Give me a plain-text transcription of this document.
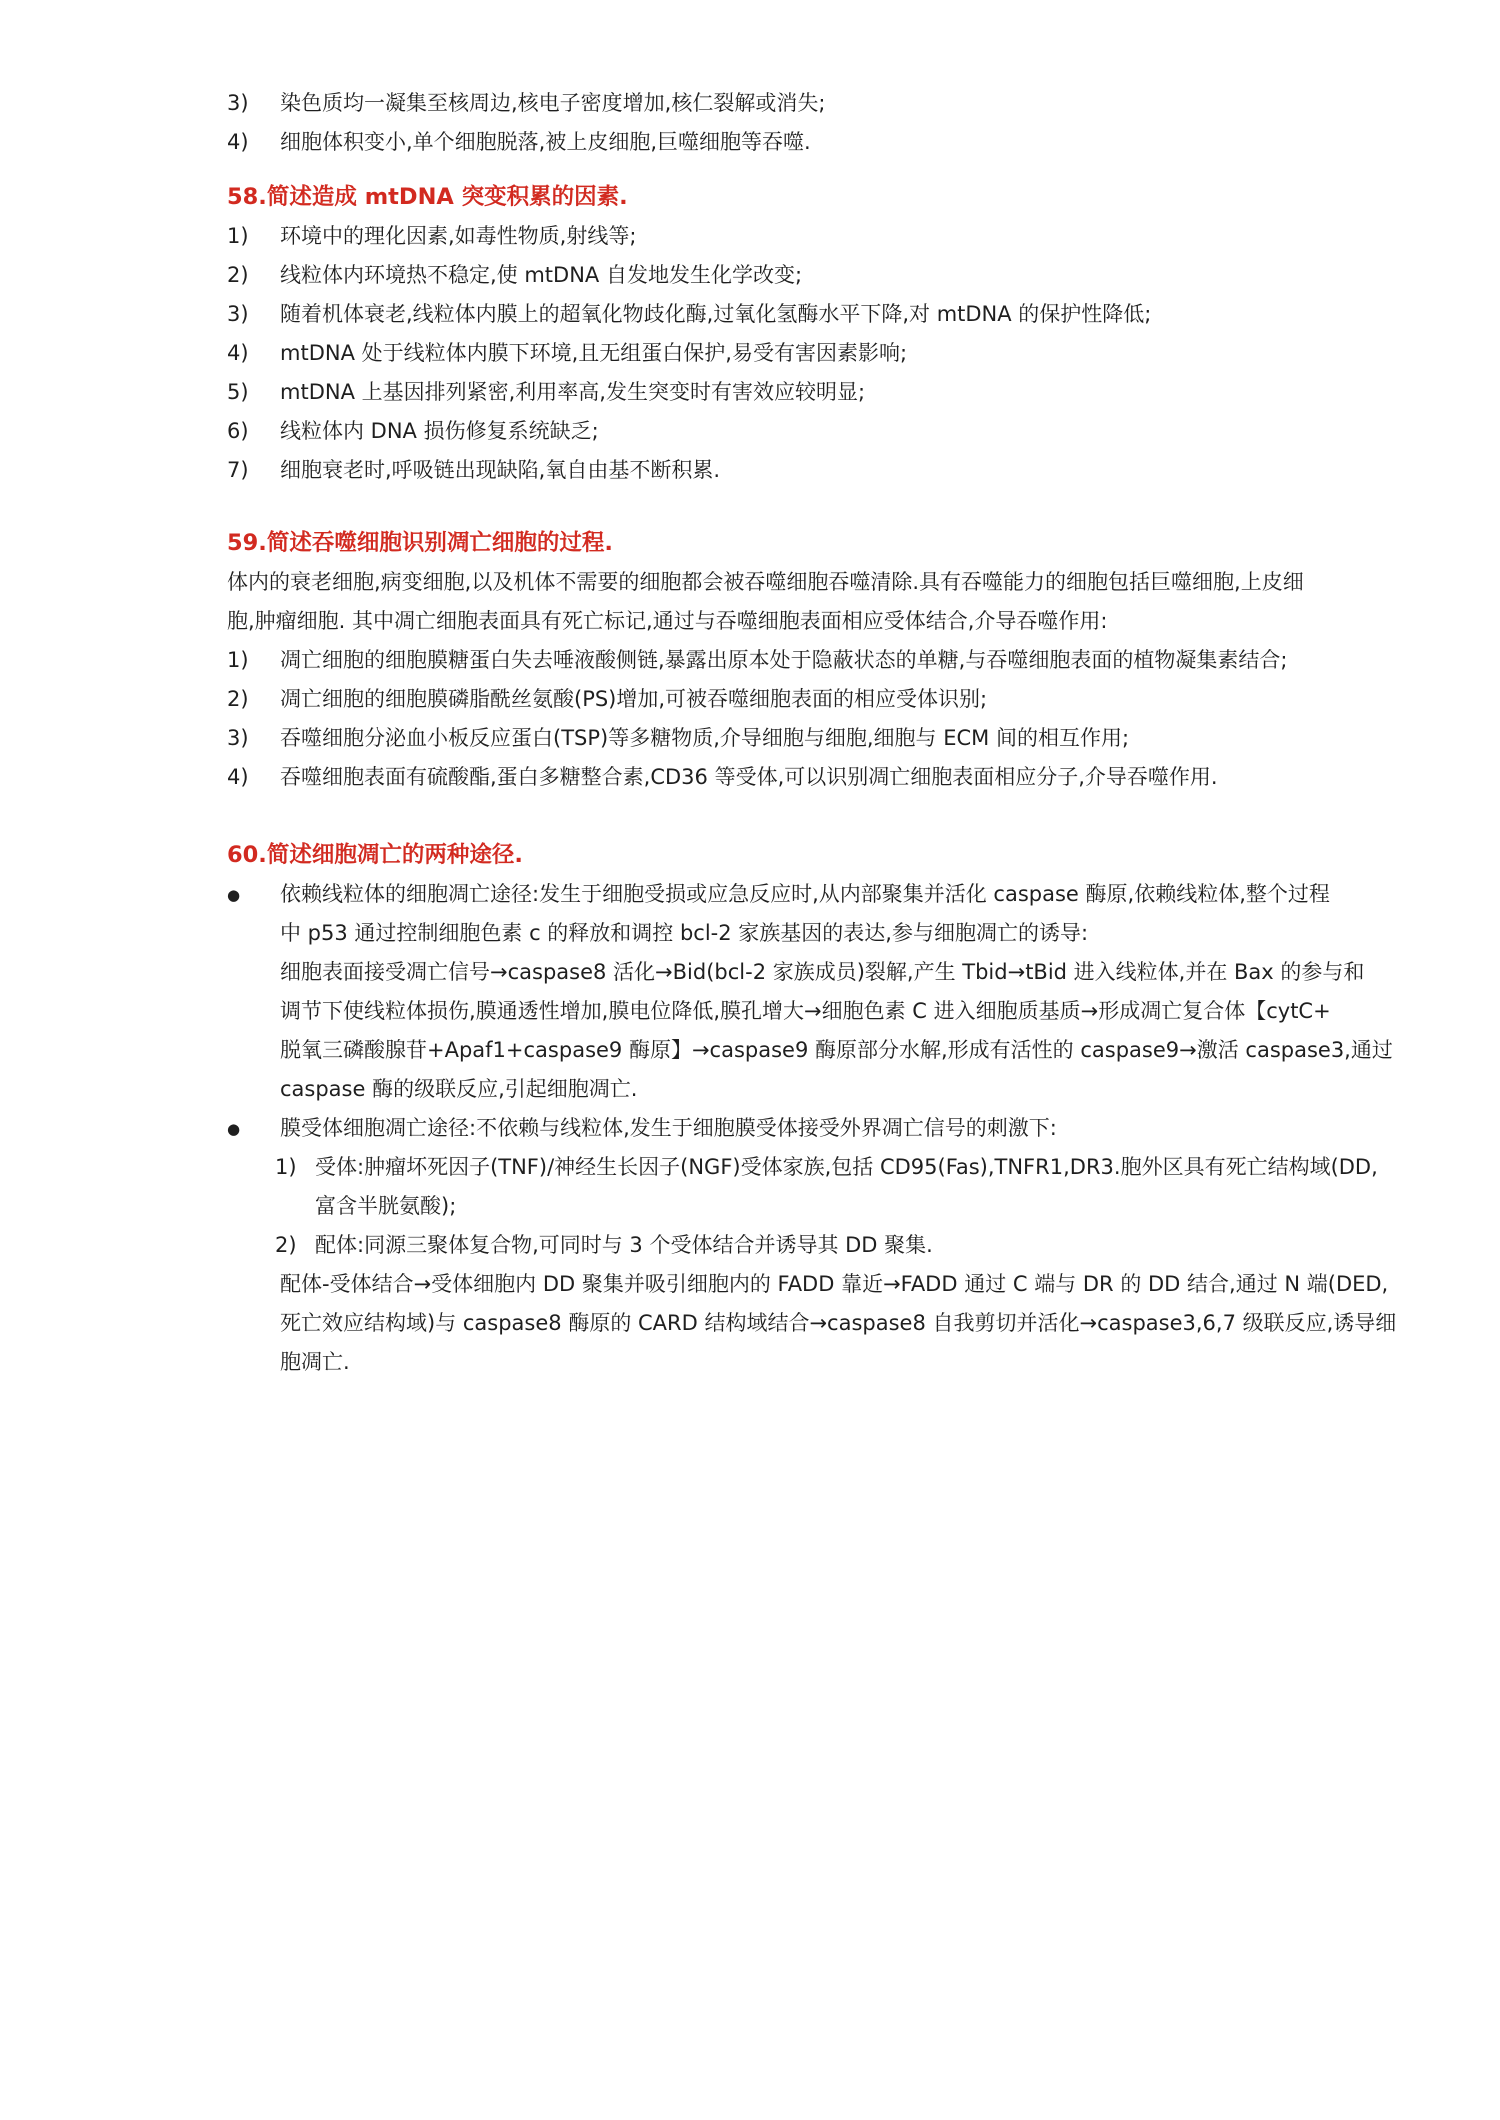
3) 染色质均一凝集至核周边,核电子密度增加,核仁裂解或消失;
4) 细胞体积变小,单个细胞脱落,被上皮细胞,巨噬细胞等吞噬.
58.简述造成 mtDNA 突变积累的因素.
1) 环境中的理化因素,如毒性物质,射线等;
2) 线粒体内环境热不稳定,使 mtDNA 自发地发生化学改变;
3) 随着机体衰老,线粒体内膜上的超氧化物歧化酶,过氧化氢酶水平下降,对 mtDNA 的保护性降低;
4) mtDNA 处于线粒体内膜下环境,且无组蛋白保护,易受有害因素影响;
5) mtDNA 上基因排列紧密,利用率高,发生突变时有害效应较明显;
6) 线粒体内 DNA 损伤修复系统缺乏;
7) 细胞衰老时,呼吸链出现缺陷,氧自由基不断积累.
59.简述吞噬细胞识别凋亡细胞的过程.
体内的衰老细胞,病变细胞,以及机体不需要的细胞都会被吞噬细胞吞噬清除.具有吞噬能力的细胞包括巨噬细胞,上皮细
胞,肿瘤细胞. 其中凋亡细胞表面具有死亡标记,通过与吞噬细胞表面相应受体结合,介导吞噬作用:
1) 凋亡细胞的细胞膜糖蛋白失去唾液酸侧链,暴露出原本处于隐蔽状态的单糖,与吞噬细胞表面的植物凝集素结合;
2) 凋亡细胞的细胞膜磷脂酰丝氨酸(PS)增加,可被吞噬细胞表面的相应受体识别;
3) 吞噬细胞分泌血小板反应蛋白(TSP)等多糖物质,介导细胞与细胞,细胞与 ECM 间的相互作用;
4) 吞噬细胞表面有硫酸酯,蛋白多糖整合素,CD36 等受体,可以识别凋亡细胞表面相应分子,介导吞噬作用.
60.简述细胞凋亡的两种途径.
● 依赖线粒体的细胞凋亡途径:发生于细胞受损或应急反应时,从内部聚集并活化 caspase 酶原,依赖线粒体,整个过程
中 p53 通过控制细胞色素 c 的释放和调控 bcl-2 家族基因的表达,参与细胞凋亡的诱导:
细胞表面接受凋亡信号→caspase8 活化→Bid(bcl-2 家族成员)裂解,产生 Tbid→tBid 进入线粒体,并在 Bax 的参与和
调节下使线粒体损伤,膜通透性增加,膜电位降低,膜孔增大→细胞色素 C 进入细胞质基质→形成凋亡复合体【cytC+
脱氧三磷酸腺苷+Apaf1+caspase9 酶原】→caspase9 酶原部分水解,形成有活性的 caspase9→激活 caspase3,通过
caspase 酶的级联反应,引起细胞凋亡.
● 膜受体细胞凋亡途径:不依赖与线粒体,发生于细胞膜受体接受外界凋亡信号的刺激下:
1) 受体:肿瘤坏死因子(TNF)/神经生长因子(NGF)受体家族,包括 CD95(Fas),TNFR1,DR3.胞外区具有死亡结构域(DD,
富含半胱氨酸);
2) 配体:同源三聚体复合物,可同时与 3 个受体结合并诱导其 DD 聚集.
配体-受体结合→受体细胞内 DD 聚集并吸引细胞内的 FADD 靠近→FADD 通过 C 端与 DR 的 DD 结合,通过 N 端(DED,
死亡效应结构域)与 caspase8 酶原的 CARD 结构域结合→caspase8 自我剪切并活化→caspase3,6,7 级联反应,诱导细
胞凋亡.
